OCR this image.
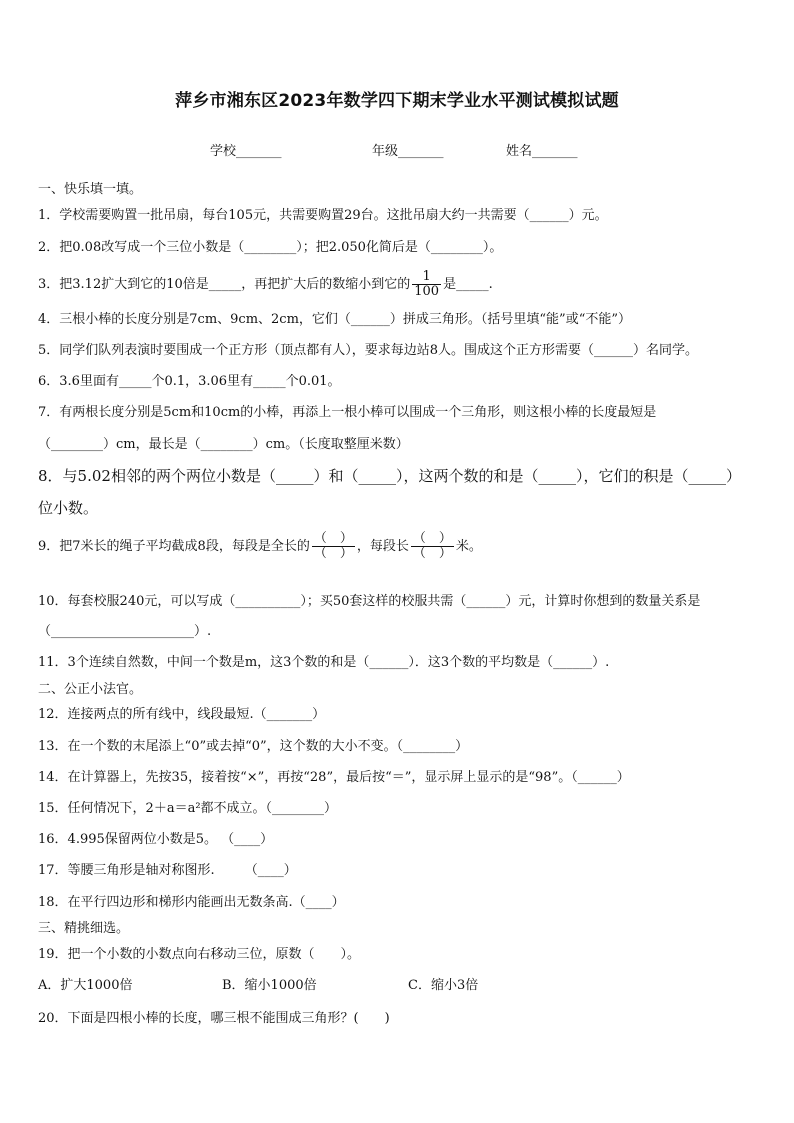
萍乡市湘东区2023年数学四下期末学业水平测试模拟试题
学校_______	年级_______	姓名_______
一、快乐填一填。
1．学校需要购置一批吊扇，每台105元，共需要购置29台。这批吊扇大约一共需要（______）元。
2．把0.08改写成一个三位小数是（________）；把2.050化简后是（________）。
3．把3.12扩大到它的10倍是_____，再把扩大后的数缩小到它的 $\frac{1}{100}$ 是_____.
4．三根小棒的长度分别是7cm、9cm、2cm，它们（______）拼成三角形。（括号里填“能”或“不能”）
5．同学们队列表演时要围成一个正方形（顶点都有人），要求每边站8人。围成这个正方形需要（______）名同学。
6．3.6里面有_____个0.1，3.06里有_____个0.01。
7．有两根长度分别是5cm和10cm的小棒，再添上一根小棒可以围成一个三角形，则这根小棒的长度最短是
（________）cm，最长是（________）cm。（长度取整厘米数）
8．与5.02相邻的两个两位小数是（_____）和（_____），这两个数的和是（_____），它们的积是（_____）
位小数。
9．把7米长的绳子平均截成8段，每段是全长的 $\frac{( )}{( )}$ ，每段长 $\frac{( )}{( )}$ 米。
10．每套校服240元，可以写成（__________）；买50套这样的校服共需（______）元，计算时你想到的数量关系是
（______________________）.
11．3个连续自然数，中间一个数是m，这3个数的和是（______）．这3个数的平均数是（______）.
二、公正小法官。
12．连接两点的所有线中，线段最短.（_______）
13．在一个数的末尾添上“0”或去掉“0”，这个数的大小不变。（________）
14．在计算器上，先按35，接着按“×”，再按“28”，最后按“＝”，显示屏上显示的是“98”。（______）
15．任何情况下，2＋a＝a²都不成立。（________）
16．4.995保留两位小数是5。 （____）
17．等腰三角形是轴对称图形.　　 （____）
18．在平行四边形和梯形内能画出无数条高.（____）
三、精挑细选。
19．把一个小数的小数点向右移动三位，原数（　　）。
A．扩大1000倍	B．缩小1000倍	C．缩小3倍
20．下面是四根小棒的长度，哪三根不能围成三角形？(　　)
